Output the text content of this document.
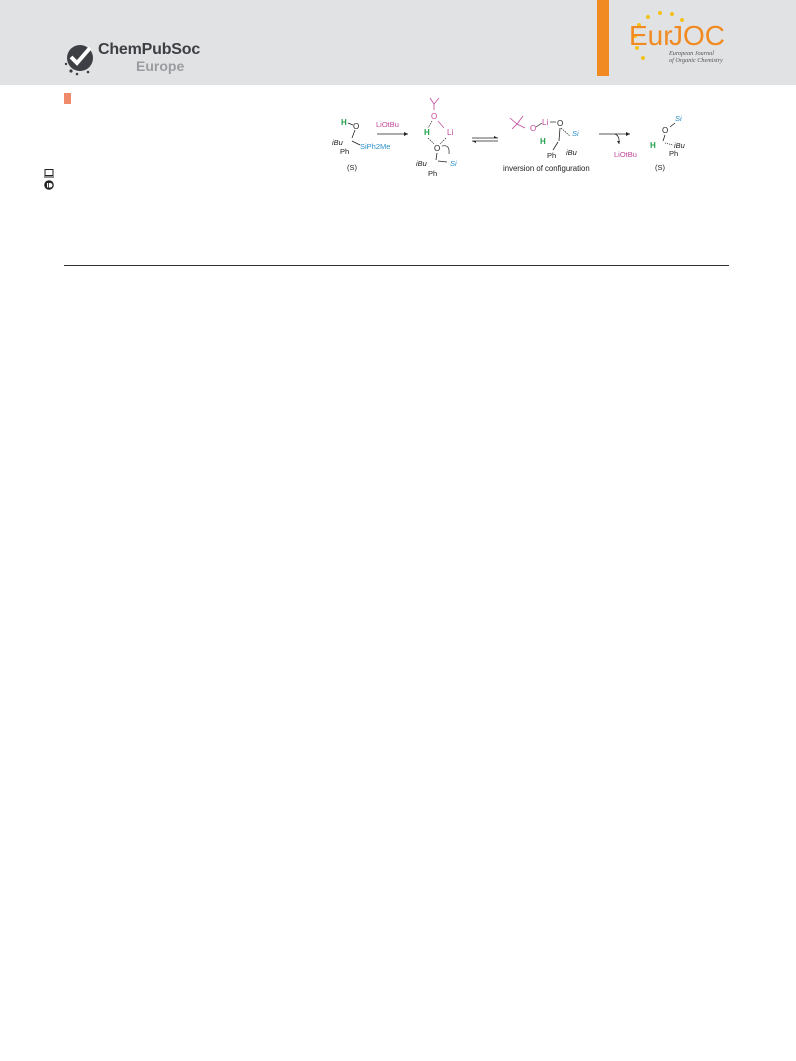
ChemPubSoc
Europe
Eur
JOC
European Journal
of Organic Chemistry
H O
iBu
Ph
SiPh2Me
(S)
LiOtBu
O
H Li
O
iBu
Ph
Si
O
Li O
H
Si
Ph iBu
inversion of configuration
LiOtBu
Si
O
H iBu
Ph
(S)
